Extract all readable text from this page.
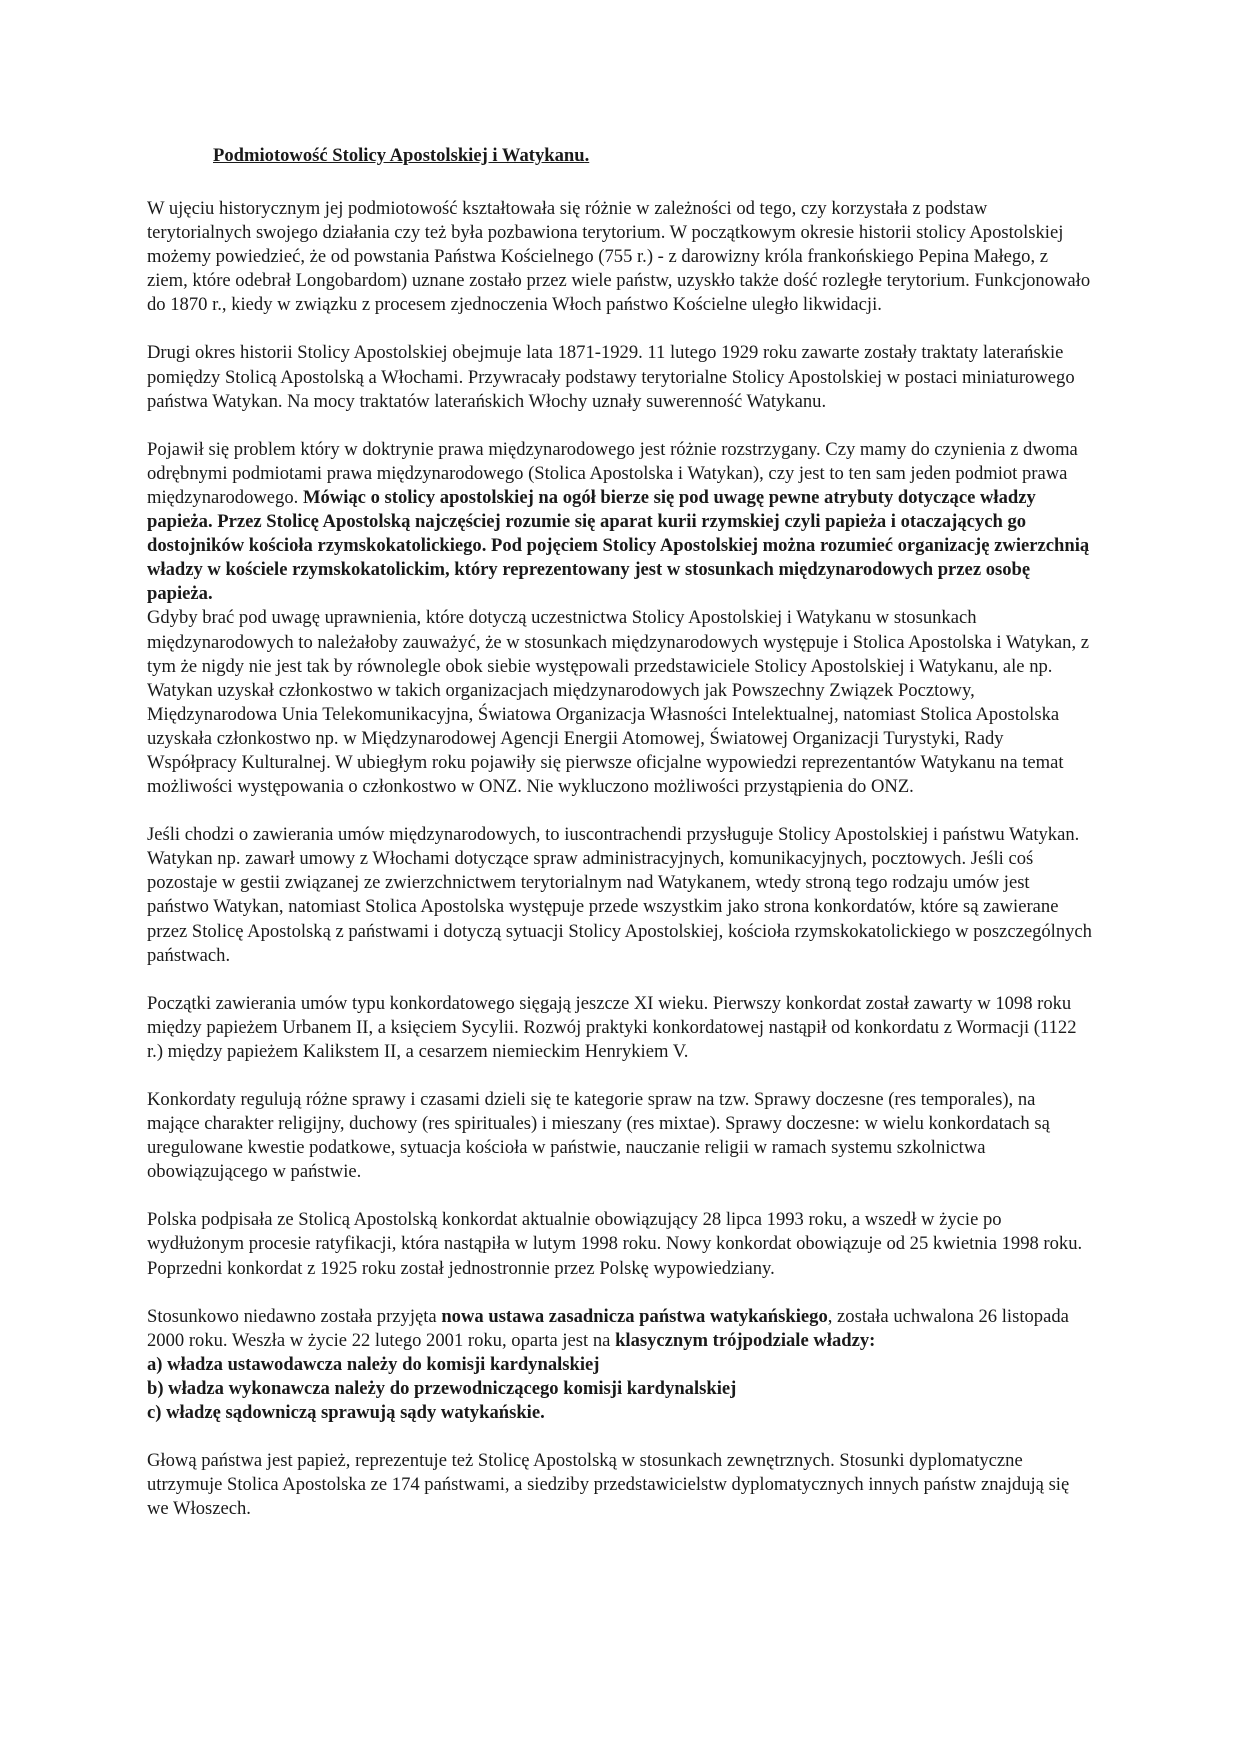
Podmiotowość Stolicy Apostolskiej i Watykanu.

W ujęciu historycznym jej podmiotowość kształtowała się różnie w zależności od tego, czy korzystała z podstaw terytorialnych swojego działania czy też była pozbawiona terytorium. W początkowym okresie historii stolicy Apostolskiej możemy powiedzieć, że od powstania Państwa Kościelnego (755 r.) - z darowizny króla frankońskiego Pepina Małego, z ziem, które odebrał Longobardom) uznane zostało przez wiele państw, uzyskło także dość rozległe terytorium. Funkcjonowało do 1870 r., kiedy w związku z procesem zjednoczenia Włoch państwo Kościelne uległo likwidacji.

Drugi okres historii Stolicy Apostolskiej obejmuje lata 1871-1929. 11 lutego 1929 roku zawarte zostały traktaty laterańskie pomiędzy Stolicą Apostolską a Włochami. Przywracały podstawy terytorialne Stolicy Apostolskiej w postaci miniaturowego państwa Watykan. Na mocy traktatów laterańskich Włochy uznały suwerenność Watykanu.

Pojawił się problem który w doktrynie prawa międzynarodowego jest różnie rozstrzygany. Czy mamy do czynienia z dwoma odrębnymi podmiotami prawa międzynarodowego (Stolica Apostolska i Watykan), czy jest to ten sam jeden podmiot prawa międzynarodowego. Mówiąc o stolicy apostolskiej na ogół bierze się pod uwagę pewne atrybuty dotyczące władzy papieża. Przez Stolicę Apostolską najczęściej rozumie się aparat kurii rzymskiej czyli papieża i otaczających go dostojników kościoła rzymskokatolickiego. Pod pojęciem Stolicy Apostolskiej można rozumieć organizację zwierzchnią władzy w kościele rzymskokatolickim, który reprezentowany jest w stosunkach międzynarodowych przez osobę papieża.

Gdyby brać pod uwagę uprawnienia, które dotyczą uczestnictwa Stolicy Apostolskiej i Watykanu w stosunkach międzynarodowych to należałoby zauważyć, że w stosunkach międzynarodowych występuje i Stolica Apostolska i Watykan, z tym że nigdy nie jest tak by równolegle obok siebie występowali przedstawiciele Stolicy Apostolskiej i Watykanu, ale np. Watykan uzyskał członkostwo w takich organizacjach międzynarodowych jak Powszechny Związek Pocztowy, Międzynarodowa Unia Telekomunikacyjna, Światowa Organizacja Własności Intelektualnej, natomiast Stolica Apostolska uzyskała członkostwo np. w Międzynarodowej Agencji Energii Atomowej, Światowej Organizacji Turystyki, Rady Współpracy Kulturalnej. W ubiegłym roku pojawiły się pierwsze oficjalne wypowiedzi reprezentantów Watykanu na temat możliwości występowania o członkostwo w ONZ. Nie wykluczono możliwości przystąpienia do ONZ.

Jeśli chodzi o zawierania umów międzynarodowych, to iuscontrachendi przysługuje Stolicy Apostolskiej i państwu Watykan. Watykan np. zawarł umowy z Włochami dotyczące spraw administracyjnych, komunikacyjnych, pocztowych. Jeśli coś pozostaje w gestii związanej ze zwierzchnictwem terytorialnym nad Watykanem, wtedy stroną tego rodzaju umów jest państwo Watykan, natomiast Stolica Apostolska występuje przede wszystkim jako strona konkordatów, które są zawierane przez Stolicę Apostolską z państwami i dotyczą sytuacji Stolicy Apostolskiej, kościoła rzymskokatolickiego w poszczególnych państwach.

Początki zawierania umów typu konkordatowego sięgają jeszcze XI wieku. Pierwszy konkordat został zawarty w 1098 roku między papieżem Urbanem II, a księciem Sycylii. Rozwój praktyki konkordatowej nastąpił od konkordatu z Wormacji (1122 r.) między papieżem Kalikstem II, a cesarzem niemieckim Henrykiem V.

Konkordaty regulują różne sprawy i czasami dzieli się te kategorie spraw na tzw. Sprawy doczesne (res temporales), na mające charakter religijny, duchowy (res spirituales) i mieszany (res mixtae). Sprawy doczesne: w wielu konkordatach są uregulowane kwestie podatkowe, sytuacja kościoła w państwie, nauczanie religii w ramach systemu szkolnictwa obowiązującego w państwie.

Polska podpisała ze Stolicą Apostolską konkordat aktualnie obowiązujący 28 lipca 1993 roku, a wszedł w życie po wydłużonym procesie ratyfikacji, która nastąpiła w lutym 1998 roku. Nowy konkordat obowiązuje od 25 kwietnia 1998 roku. Poprzedni konkordat z 1925 roku został jednostronnie przez Polskę wypowiedziany.

Stosunkowo niedawno została przyjęta nowa ustawa zasadnicza państwa watykańskiego, została uchwalona 26 listopada 2000 roku. Weszła w życie 22 lutego 2001 roku, oparta jest na klasycznym trójpodziale władzy:
a) władza ustawodawcza należy do komisji kardynalskiej
b) władza wykonawcza należy do przewodniczącego komisji kardynalskiej
c) władzę sądowniczą sprawują sądy watykańskie.

Głową państwa jest papież, reprezentuje też Stolicę Apostolską w stosunkach zewnętrznych. Stosunki dyplomatyczne utrzymuje Stolica Apostolska ze 174 państwami, a siedziby przedstawicielstw dyplomatycznych innych państw znajdują się we Włoszech.
